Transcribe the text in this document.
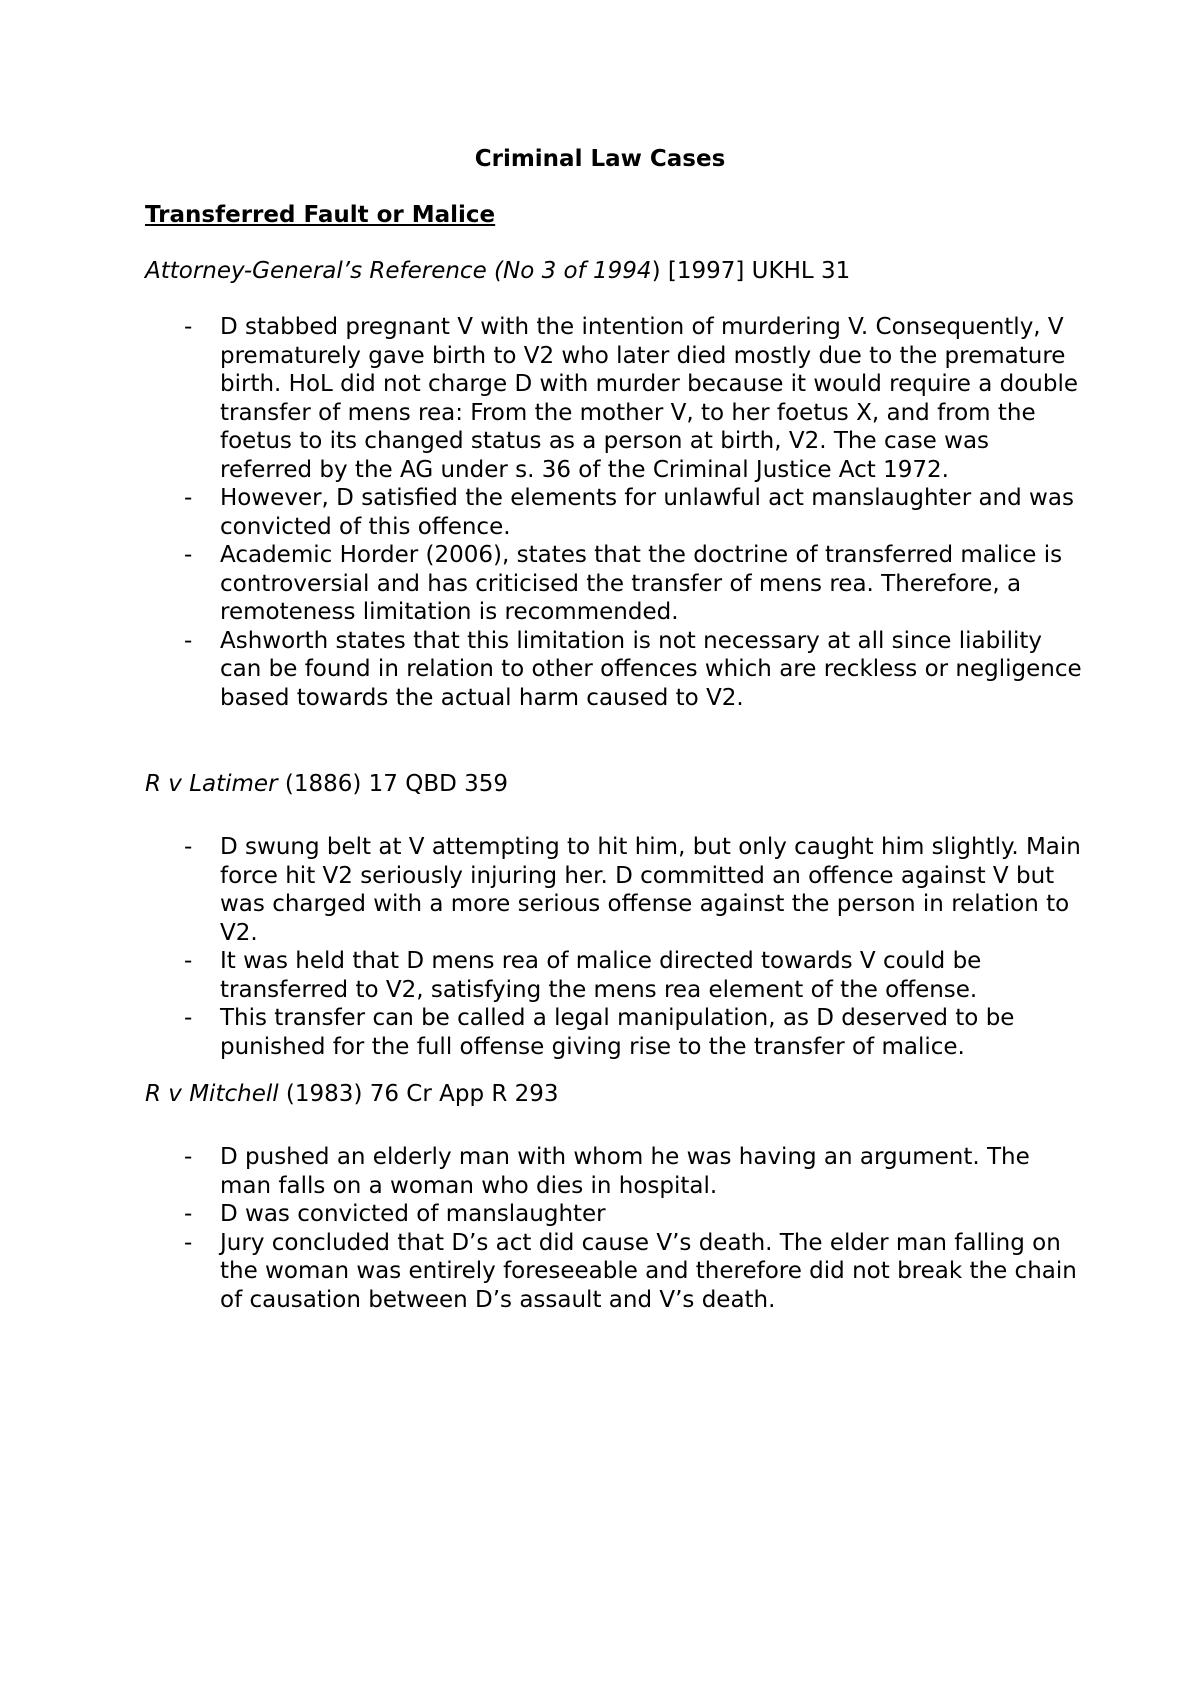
Criminal Law Cases
Transferred Fault or Malice

Attorney-General’s Reference (No 3 of 1994) [1997] UKHL 31

- D stabbed pregnant V with the intention of murdering V. Consequently, V prematurely gave birth to V2 who later died mostly due to the premature birth. HoL did not charge D with murder because it would require a double transfer of mens rea: From the mother V, to her foetus X, and from the foetus to its changed status as a person at birth, V2. The case was referred by the AG under s. 36 of the Criminal Justice Act 1972.
- However, D satisfied the elements for unlawful act manslaughter and was convicted of this offence.
- Academic Horder (2006), states that the doctrine of transferred malice is controversial and has criticised the transfer of mens rea. Therefore, a remoteness limitation is recommended.
- Ashworth states that this limitation is not necessary at all since liability can be found in relation to other offences which are reckless or negligence based towards the actual harm caused to V2.

R v Latimer (1886) 17 QBD 359

- D swung belt at V attempting to hit him, but only caught him slightly. Main force hit V2 seriously injuring her. D committed an offence against V but was charged with a more serious offense against the person in relation to V2.
- It was held that D mens rea of malice directed towards V could be transferred to V2, satisfying the mens rea element of the offense.
- This transfer can be called a legal manipulation, as D deserved to be punished for the full offense giving rise to the transfer of malice.

R v Mitchell (1983) 76 Cr App R 293

- D pushed an elderly man with whom he was having an argument. The man falls on a woman who dies in hospital.
- D was convicted of manslaughter
- Jury concluded that D’s act did cause V’s death. The elder man falling on the woman was entirely foreseeable and therefore did not break the chain of causation between D’s assault and V’s death.
